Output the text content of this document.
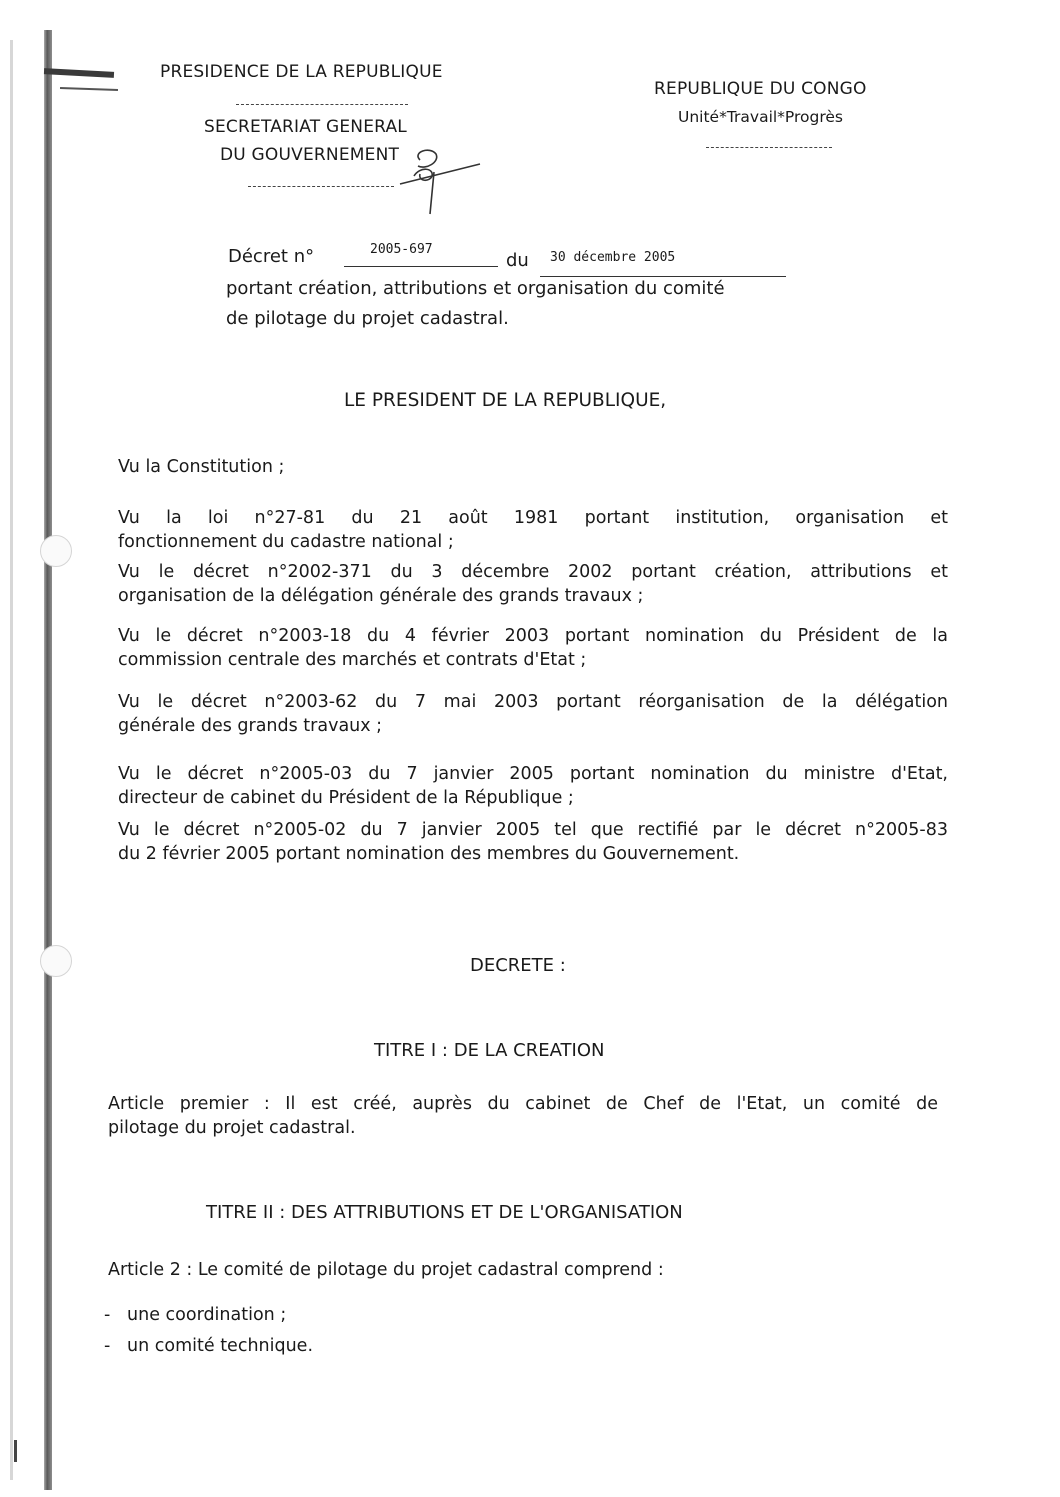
PRESIDENCE DE LA REPUBLIQUE
SECRETARIAT GENERAL
DU GOUVERNEMENT
REPUBLIQUE DU CONGO
Unité*Travail*Progrès
Décret n°	2005-697
du 30 décembre 2005
portant création, attributions et organisation du comité
de pilotage du projet cadastral.
LE PRESIDENT DE LA REPUBLIQUE,
Vu la Constitution ;
Vu la loi n°27-81 du 21 août 1981 portant institution, organisation et
fonctionnement du cadastre national ;
Vu le décret n°2002-371 du 3 décembre 2002 portant création, attributions et
organisation de la délégation générale des grands travaux ;
Vu le décret n°2003-18 du 4 février 2003 portant nomination du Président de la
commission centrale des marchés et contrats d'Etat ;
Vu le décret n°2003-62 du 7 mai 2003 portant réorganisation de la délégation
générale des grands travaux ;
Vu le décret n°2005-03 du 7 janvier 2005 portant nomination du ministre d'Etat,
directeur de cabinet du Président de la République ;
Vu le décret n°2005-02 du 7 janvier 2005 tel que rectifié par le décret n°2005-83
du 2 février 2005 portant nomination des membres du Gouvernement.
DECRETE :
TITRE I : DE LA CREATION
Article premier : Il est créé, auprès du cabinet de Chef de l'Etat, un comité de
pilotage du projet cadastral.
TITRE II : DES ATTRIBUTIONS ET DE L'ORGANISATION
Article 2 : Le comité de pilotage du projet cadastral comprend :
-   une coordination ;
-   un comité technique.
